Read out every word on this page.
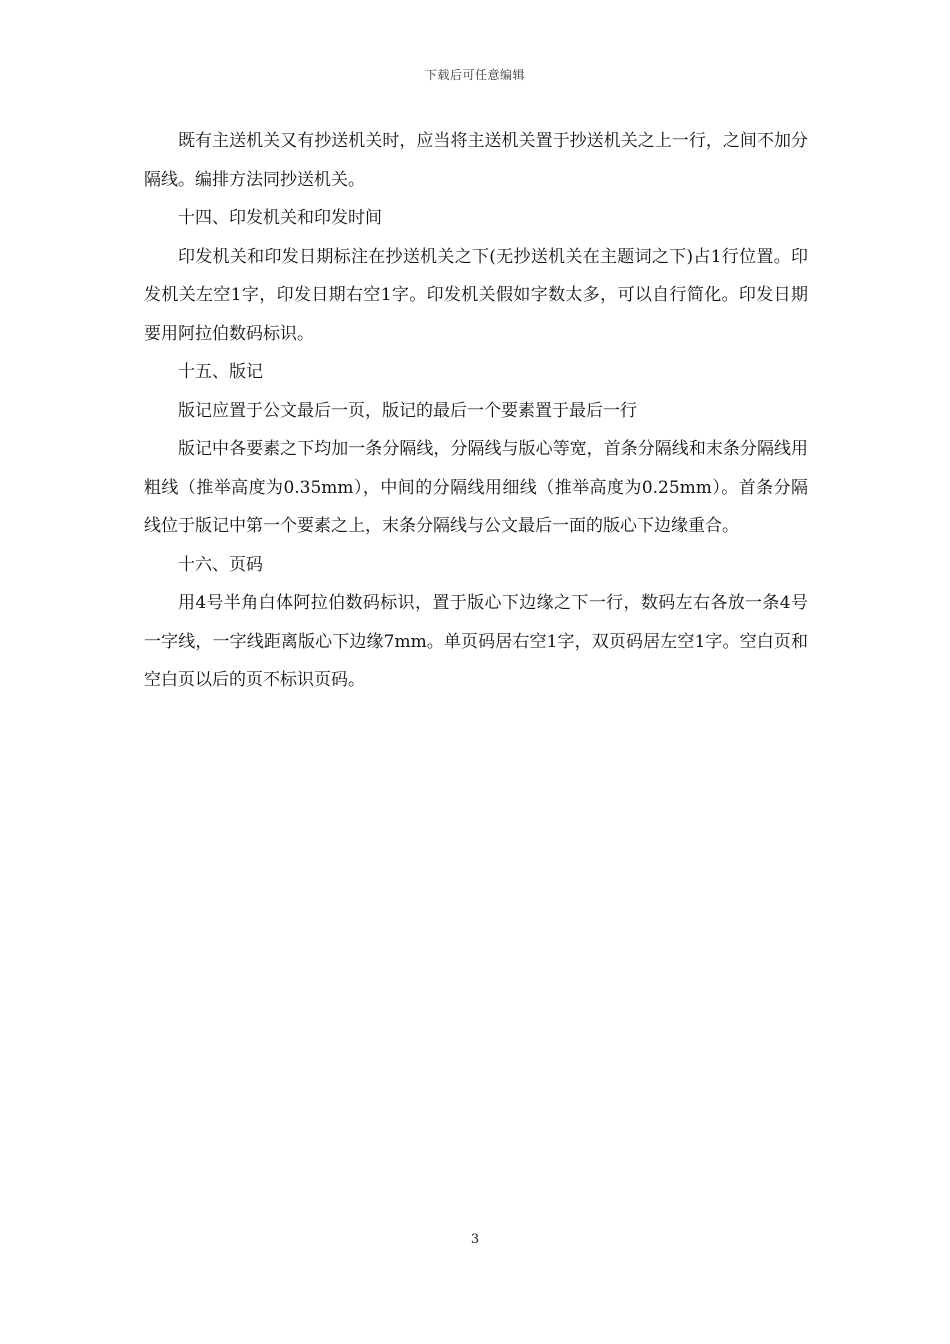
下载后可任意编辑

既有主送机关又有抄送机关时，应当将主送机关置于抄送机关之上一行，之间不加分隔线。编排方法同抄送机关。

十四、印发机关和印发时间

印发机关和印发日期标注在抄送机关之下(无抄送机关在主题词之下)占1行位置。印发机关左空1字，印发日期右空1字。印发机关假如字数太多，可以自行简化。印发日期要用阿拉伯数码标识。

十五、版记

版记应置于公文最后一页，版记的最后一个要素置于最后一行

版记中各要素之下均加一条分隔线，分隔线与版心等宽，首条分隔线和末条分隔线用粗线（推举高度为0.35mm），中间的分隔线用细线（推举高度为0.25mm）。首条分隔线位于版记中第一个要素之上，末条分隔线与公文最后一面的版心下边缘重合。

十六、页码

用4号半角白体阿拉伯数码标识，置于版心下边缘之下一行，数码左右各放一条4号一字线，一字线距离版心下边缘7mm。单页码居右空1字，双页码居左空1字。空白页和空白页以后的页不标识页码。

3
